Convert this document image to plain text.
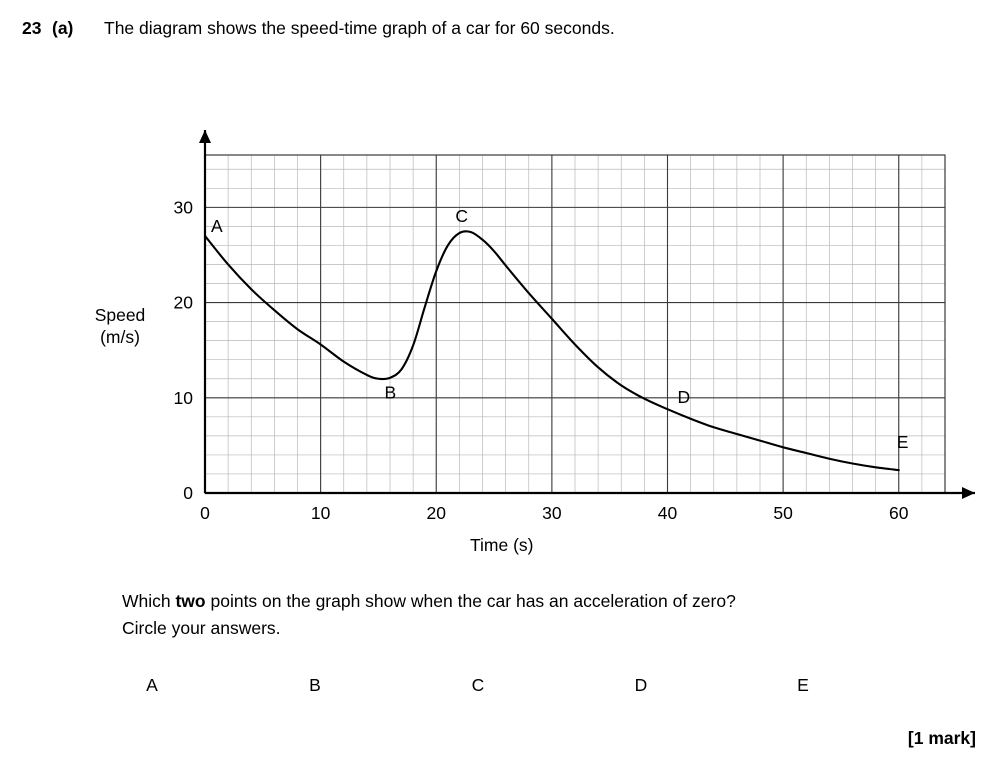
23 (a)	The diagram shows the speed-time graph of a car for 60 seconds.
Speed
(m/s)
Time (s)
0	10	20	30	40	50	60
0
10
20
30
A
B
C
D
E
Which two points on the graph show when the car has an acceleration of zero?
Circle your answers.
A	B	C	D	E
[1 mark]
